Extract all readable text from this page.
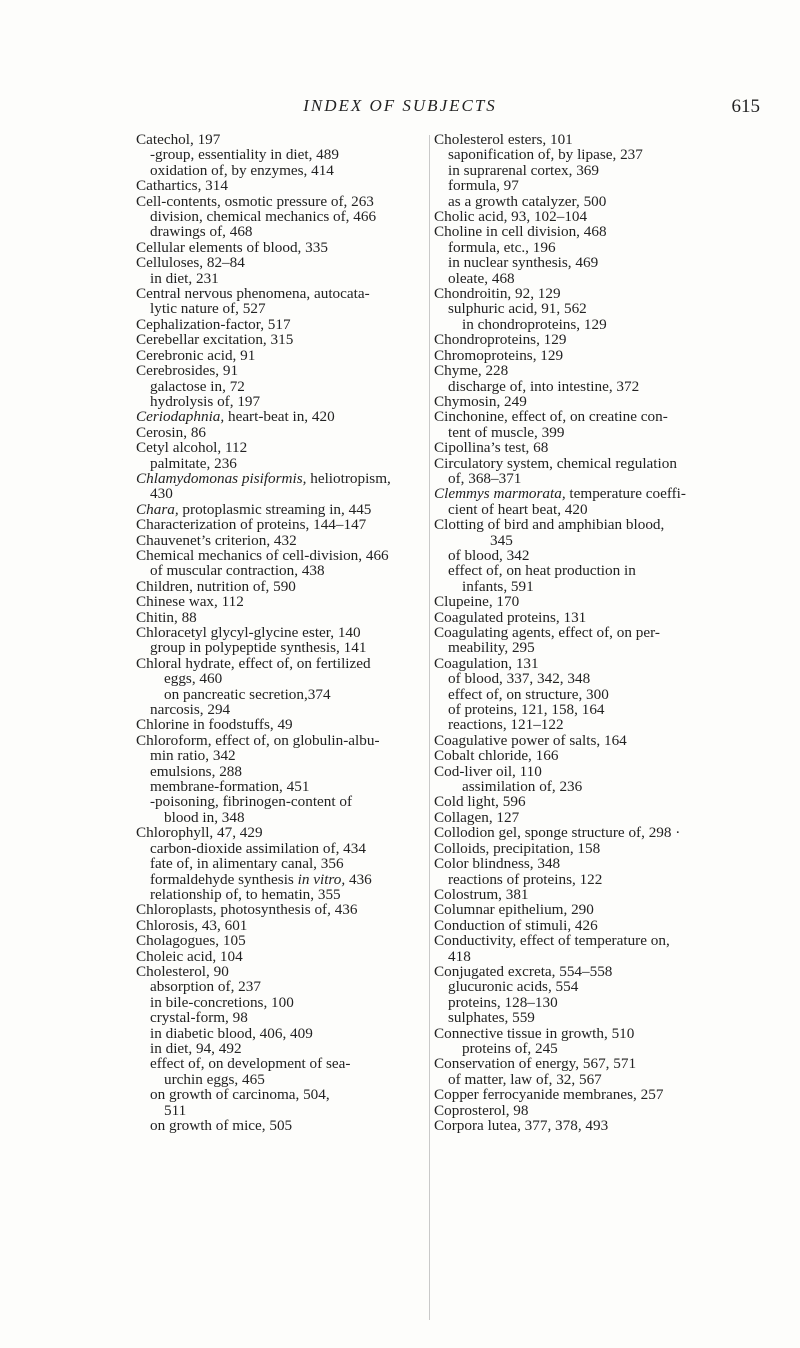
INDEX OF SUBJECTS	615
Catechol, 197
-group, essentiality in diet, 489
oxidation of, by enzymes, 414
Cathartics, 314
Cell-contents, osmotic pressure of, 263
division, chemical mechanics of, 466
drawings of, 468
Cellular elements of blood, 335
Celluloses, 82–84
in diet, 231
Central nervous phenomena, autocata-
lytic nature of, 527
Cephalization-factor, 517
Cerebellar excitation, 315
Cerebronic acid, 91
Cerebrosides, 91
galactose in, 72
hydrolysis of, 197
Ceriodaphnia, heart-beat in, 420
Cerosin, 86
Cetyl alcohol, 112
palmitate, 236
Chlamydomonas pisiformis, heliotropism,
430
Chara, protoplasmic streaming in, 445
Characterization of proteins, 144–147
Chauvenet’s criterion, 432
Chemical mechanics of cell-division, 466
of muscular contraction, 438
Children, nutrition of, 590
Chinese wax, 112
Chitin, 88
Chloracetyl glycyl-glycine ester, 140
group in polypeptide synthesis, 141
Chloral hydrate, effect of, on fertilized
eggs, 460
on pancreatic secretion,374
narcosis, 294
Chlorine in foodstuffs, 49
Chloroform, effect of, on globulin-albu-
min ratio, 342
emulsions, 288
membrane-formation, 451
-poisoning, fibrinogen-content of
blood in, 348
Chlorophyll, 47, 429
carbon-dioxide assimilation of, 434
fate of, in alimentary canal, 356
formaldehyde synthesis in vitro, 436
relationship of, to hematin, 355
Chloroplasts, photosynthesis of, 436
Chlorosis, 43, 601
Cholagogues, 105
Choleic acid, 104
Cholesterol, 90
absorption of, 237
in bile-concretions, 100
crystal-form, 98
in diabetic blood, 406, 409
in diet, 94, 492
effect of, on development of sea-
urchin eggs, 465
on growth of carcinoma, 504,
511
on growth of mice, 505
Cholesterol esters, 101
saponification of, by lipase, 237
in suprarenal cortex, 369
formula, 97
as a growth catalyzer, 500
Cholic acid, 93, 102–104
Choline in cell division, 468
formula, etc., 196
in nuclear synthesis, 469
oleate, 468
Chondroitin, 92, 129
sulphuric acid, 91, 562
in chondroproteins, 129
Chondroproteins, 129
Chromoproteins, 129
Chyme, 228
discharge of, into intestine, 372
Chymosin, 249
Cinchonine, effect of, on creatine con-
tent of muscle, 399
Cipollina’s test, 68
Circulatory system, chemical regulation
of, 368–371
Clemmys marmorata, temperature coeffi-
cient of heart beat, 420
Clotting of bird and amphibian blood,
345
of blood, 342
effect of, on heat production in
infants, 591
Clupeine, 170
Coagulated proteins, 131
Coagulating agents, effect of, on per-
meability, 295
Coagulation, 131
of blood, 337, 342, 348
effect of, on structure, 300
of proteins, 121, 158, 164
reactions, 121–122
Coagulative power of salts, 164
Cobalt chloride, 166
Cod-liver oil, 110
assimilation of, 236
Cold light, 596
Collagen, 127
Collodion gel, sponge structure of, 298 ·
Colloids, precipitation, 158
Color blindness, 348
reactions of proteins, 122
Colostrum, 381
Columnar epithelium, 290
Conduction of stimuli, 426
Conductivity, effect of temperature on,
418
Conjugated excreta, 554–558
glucuronic acids, 554
proteins, 128–130
sulphates, 559
Connective tissue in growth, 510
proteins of, 245
Conservation of energy, 567, 571
of matter, law of, 32, 567
Copper ferrocyanide membranes, 257
Coprosterol, 98
Corpora lutea, 377, 378, 493
